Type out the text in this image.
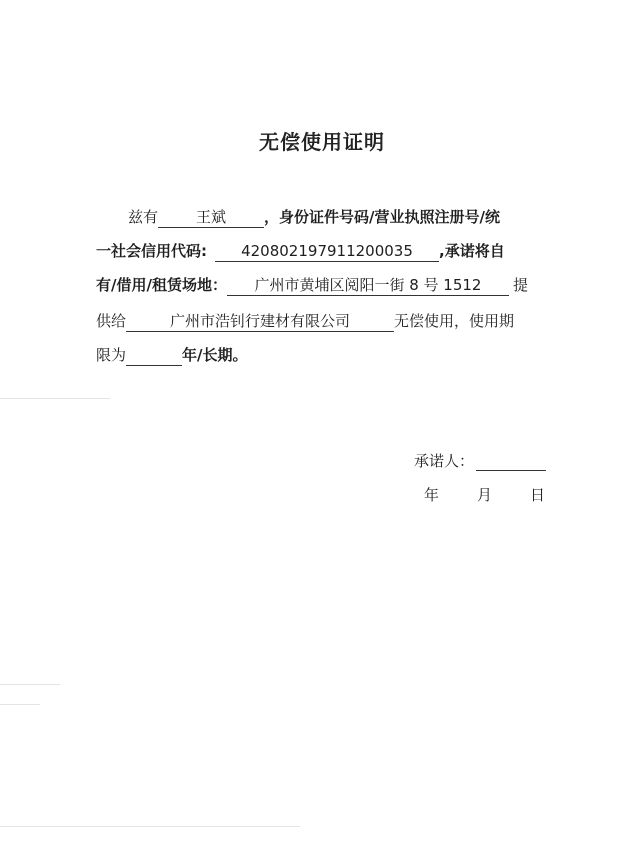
无偿使用证明
兹有	王斌	，身份证件号码/营业执照注册号/统
一社会信用代码:	420802197911200035	,承诺将自
有/借用/租赁场地：	广州市黄埔区阅阳一街 8 号 1512	提
供给	广州市浩钊行建材有限公司	无偿使用，使用期
限为	年/长期。
承诺人：
年	月	日
